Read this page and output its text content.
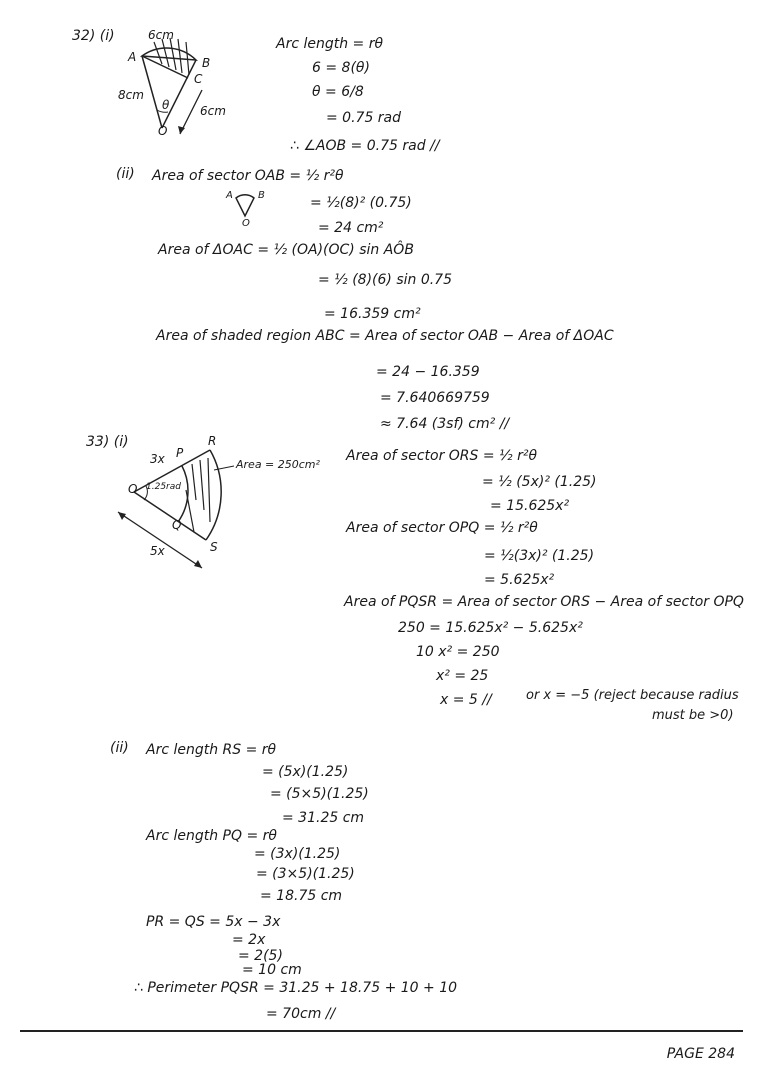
32) (i)	6cm
A	B
C
O
8cm
6cm
θ
Arc length = rθ
6 = 8(θ)
θ = 6/8
= 0.75 rad
∴ ∠AOB = 0.75 rad //
(ii) Area of sector OAB = ½ r²θ
= ½(8)² (0.75)
= 24 cm²
A	B
O
Area of ΔOAC = ½ (OA)(OC) sin AÔB
= ½ (8)(6) sin 0.75
= 16.359 cm²
Area of shaded region ABC = Area of sector OAB − Area of ΔOAC
= 24 − 16.359
= 7.640669759
≈ 7.64 (3sf) cm² //
33) (i)
3x P
R
O 1.25rad
Q
S
5x
Area = 250cm²
Area of sector ORS = ½ r²θ
= ½ (5x)² (1.25)
= 15.625x²
Area of sector OPQ = ½ r²θ
= ½(3x)² (1.25)
= 5.625x²
Area of PQSR = Area of sector ORS − Area of sector OPQ
250 = 15.625x² − 5.625x²
10 x² = 250
x² = 25
x = 5 //	or x = −5 (reject because radius
must be >0)
(ii) Arc length RS = rθ
= (5x)(1.25)
= (5×5)(1.25)
= 31.25 cm
Arc length PQ = rθ
= (3x)(1.25)
= (3×5)(1.25)
= 18.75 cm
PR = QS = 5x − 3x
= 2x
= 2(5)
= 10 cm
∴ Perimeter PQSR = 31.25 + 18.75 + 10 + 10
= 70cm //
PAGE 284
